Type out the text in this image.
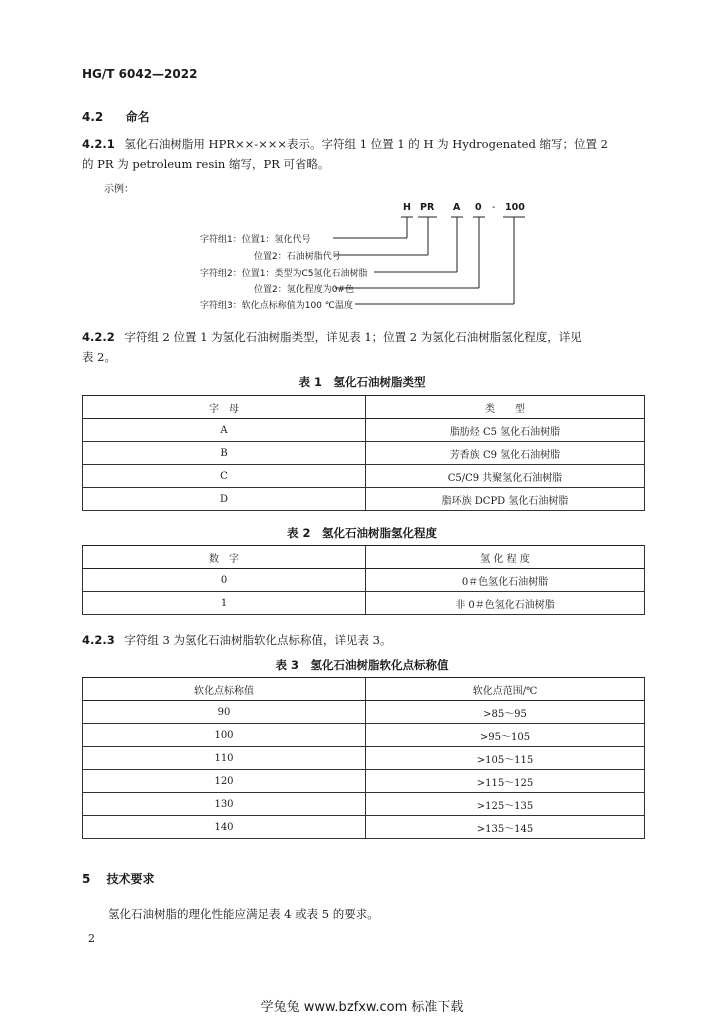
HG/T 6042—2022
4.2 命名
4.2.1 氢化石油树脂用 HPR××-×××表示。字符组 1 位置 1 的 H 为 Hydrogenated 缩写；位置 2
的 PR 为 petroleum resin 缩写，PR 可省略。
示例：
H PR A 0 - 100
字符组1：位置1：氢化代号
位置2：石油树脂代号
字符组2：位置1：类型为C5氢化石油树脂
位置2：氢化程度为0#色
字符组3：软化点标称值为100 ℃温度
4.2.2 字符组 2 位置 1 为氢化石油树脂类型，详见表 1；位置 2 为氢化石油树脂氢化程度，详见
表 2。
表 1　氢化石油树脂类型
字　母	类　　型
A	脂肪烃 C5 氢化石油树脂
B	芳香族 C9 氢化石油树脂
C	C5/C9 共聚氢化石油树脂
D	脂环族 DCPD 氢化石油树脂
表 2　氢化石油树脂氢化程度
数　字	氢 化 程 度
0	0＃色氢化石油树脂
1	非 0＃色氢化石油树脂
4.2.3 字符组 3 为氢化石油树脂软化点标称值，详见表 3。
表 3　氢化石油树脂软化点标称值
软化点标称值	软化点范围/℃
90	>85～95
100	>95～105
110	>105～115
120	>115～125
130	>125～135
140	>135～145
5 技术要求
氢化石油树脂的理化性能应满足表 4 或表 5 的要求。
2
学兔兔 www.bzfxw.com 标准下载
